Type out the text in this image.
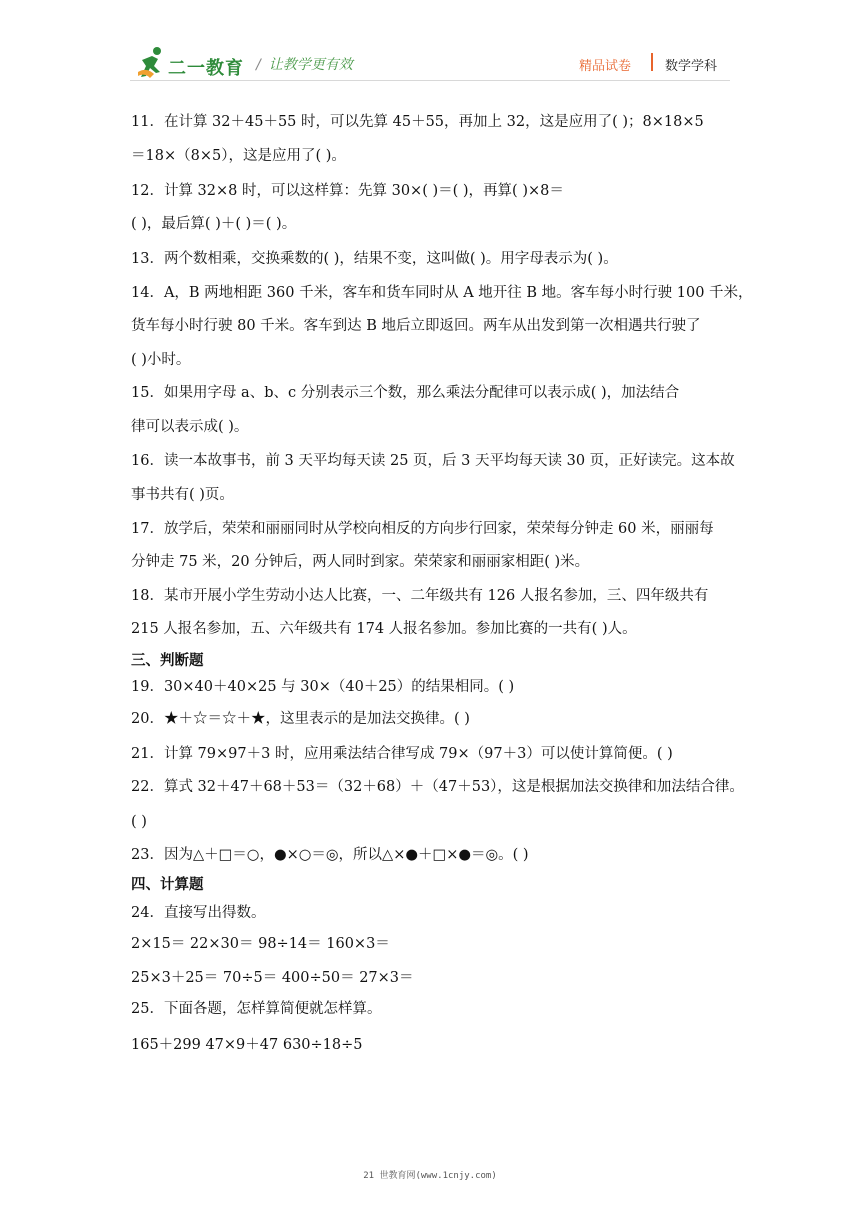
二一教育 / 让教学更有效	精品试卷	数学学科
11．在计算 32＋45＋55 时，可以先算 45＋55，再加上 32，这是应用了( )；8×18×5
＝18×（8×5），这是应用了( )。
12．计算 32×8 时，可以这样算：先算 30×( )＝( )，再算( )×8＝
( )，最后算( )＋( )＝( )。
13．两个数相乘，交换乘数的( )，结果不变，这叫做( )。用字母表示为( )。
14．A，B 两地相距 360 千米，客车和货车同时从 A 地开往 B 地。客车每小时行驶 100 千米，
货车每小时行驶 80 千米。客车到达 B 地后立即返回。两车从出发到第一次相遇共行驶了
( )小时。
15．如果用字母 a、b、c 分别表示三个数，那么乘法分配律可以表示成( )，加法结合
律可以表示成( )。
16．读一本故事书，前 3 天平均每天读 25 页，后 3 天平均每天读 30 页，正好读完。这本故
事书共有( )页。
17．放学后，荣荣和丽丽同时从学校向相反的方向步行回家，荣荣每分钟走 60 米，丽丽每
分钟走 75 米，20 分钟后，两人同时到家。荣荣家和丽丽家相距( )米。
18．某市开展小学生劳动小达人比赛，一、二年级共有 126 人报名参加，三、四年级共有
215 人报名参加，五、六年级共有 174 人报名参加。参加比赛的一共有( )人。
三、判断题
19．30×40＋40×25 与 30×（40＋25）的结果相同。( )
20．★＋☆＝☆＋★，这里表示的是加法交换律。( )
21．计算 79×97＋3 时，应用乘法结合律写成 79×（97＋3）可以使计算简便。( )
22．算式 32＋47＋68＋53＝（32＋68）＋（47＋53），这是根据加法交换律和加法结合律。
( )
23．因为△＋□＝○，●×○＝◎，所以△×●＋□×●＝◎。( )
四、计算题
24．直接写出得数。
2×15＝ 22×30＝ 98÷14＝ 160×3＝
25×3＋25＝ 70÷5＝ 400÷50＝ 27×3＝
25．下面各题，怎样算简便就怎样算。
165＋299 47×9＋47 630÷18÷5
21 世教育网(www.1cnjy.com)
